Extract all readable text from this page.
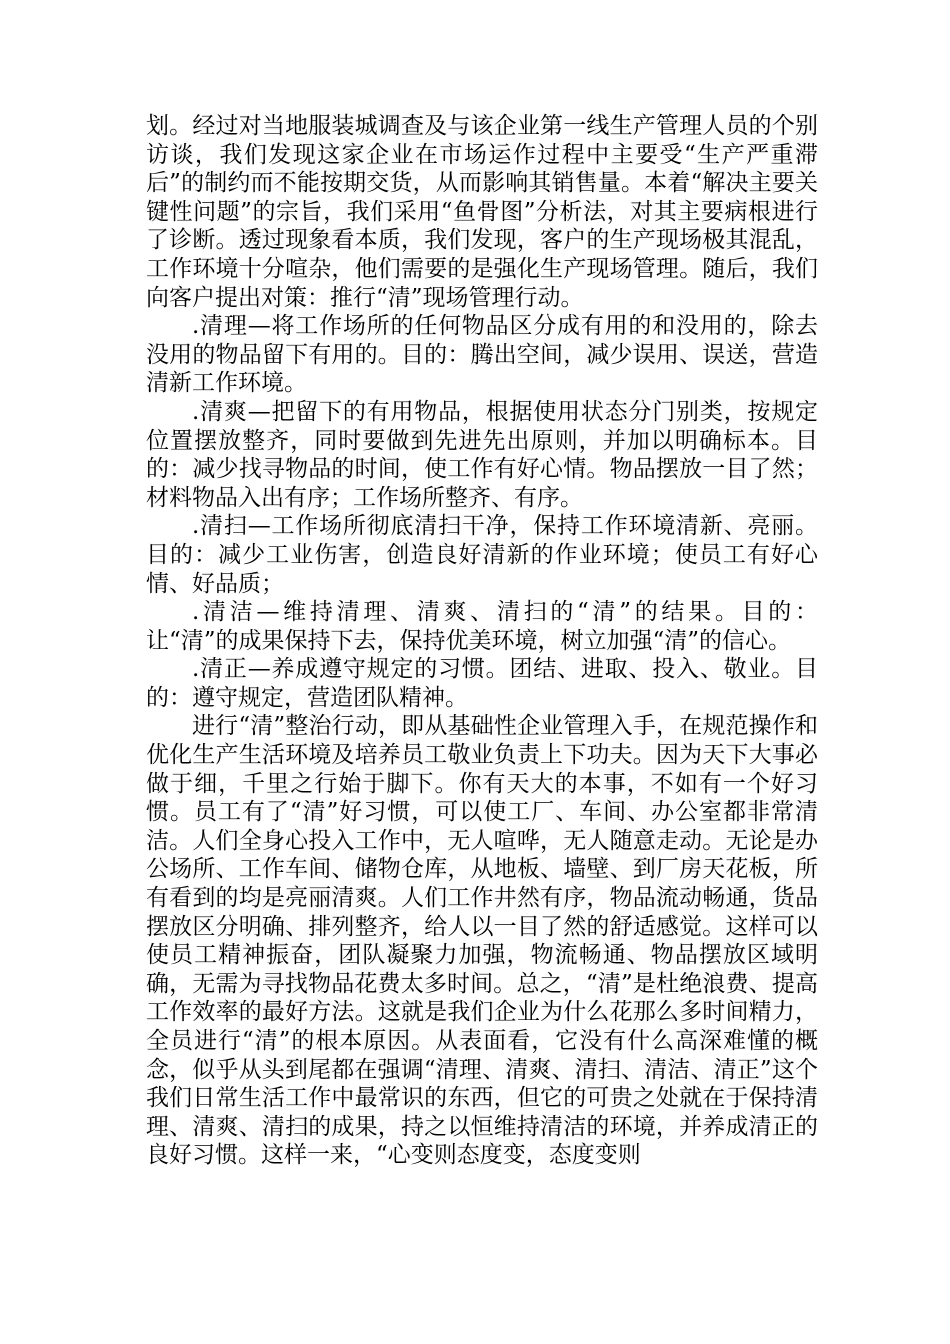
划。经过对当地服装城调查及与该企业第一线生产管理人员的个别访谈，我们发现这家企业在市场运作过程中主要受“生产严重滞后”的制约而不能按期交货，从而影响其销售量。本着“解决主要关键性问题”的宗旨，我们采用“鱼骨图”分析法，对其主要病根进行了诊断。透过现象看本质，我们发现，客户的生产现场极其混乱，工作环境十分喧杂，他们需要的是强化生产现场管理。随后，我们向客户提出对策：推行“清”现场管理行动。

.清理—将工作场所的任何物品区分成有用的和没用的，除去没用的物品留下有用的。目的：腾出空间，减少误用、误送，营造清新工作环境。

.清爽—把留下的有用物品，根据使用状态分门别类，按规定位置摆放整齐，同时要做到先进先出原则，并加以明确标本。目的：减少找寻物品的时间，使工作有好心情。物品摆放一目了然；材料物品入出有序；工作场所整齐、有序。

.清扫—工作场所彻底清扫干净，保持工作环境清新、亮丽。目的：减少工业伤害，创造良好清新的作业环境；使员工有好心情、好品质；

.清洁—维持清理、清爽、清扫的“清”的结果。目的：让“清”的成果保持下去，保持优美环境，树立加强“清”的信心。

.清正—养成遵守规定的习惯。团结、进取、投入、敬业。目的：遵守规定，营造团队精神。

进行“清”整治行动，即从基础性企业管理入手，在规范操作和优化生产生活环境及培养员工敬业负责上下功夫。因为天下大事必做于细，千里之行始于脚下。你有天大的本事，不如有一个好习惯。员工有了“清”好习惯，可以使工厂、车间、办公室都非常清洁。人们全身心投入工作中，无人喧哗，无人随意走动。无论是办公场所、工作车间、储物仓库，从地板、墙壁、到厂房天花板，所有看到的均是亮丽清爽。人们工作井然有序，物品流动畅通，货品摆放区分明确、排列整齐，给人以一目了然的舒适感觉。这样可以使员工精神振奋，团队凝聚力加强，物流畅通、物品摆放区域明确，无需为寻找物品花费太多时间。总之，“清”是杜绝浪费、提高工作效率的最好方法。这就是我们企业为什么花那么多时间精力，全员进行“清”的根本原因。从表面看，它没有什么高深难懂的概念，似乎从头到尾都在强调“清理、清爽、清扫、清洁、清正”这个我们日常生活工作中最常识的东西，但它的可贵之处就在于保持清理、清爽、清扫的成果，持之以恒维持清洁的环境，并养成清正的良好习惯。这样一来，“心变则态度变，态度变则
